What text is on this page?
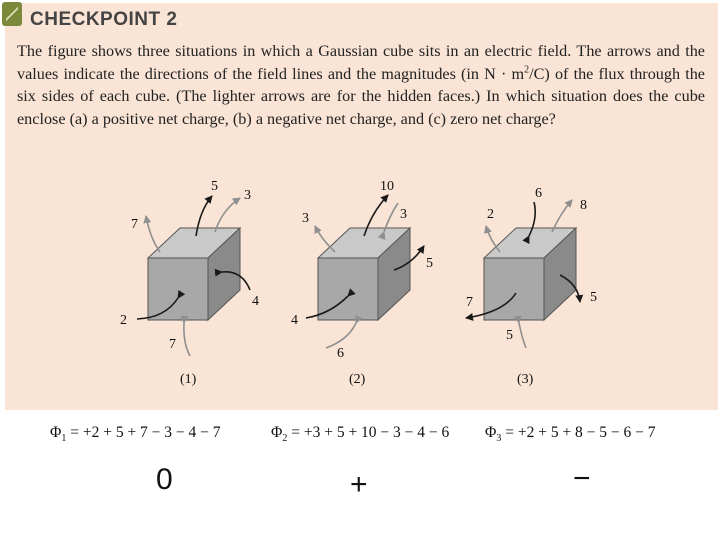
CHECKPOINT 2
The figure shows three situations in which a Gaussian cube sits in an electric field. The arrows and the values indicate the directions of the field lines and the magnitudes (in $N \cdot m^2/C$) of the flux through the six sides of each cube. (The lighter arrows are for the hidden faces.) In which situation does the cube enclose (a) a positive net charge, (b) a negative net charge, and (c) zero net charge?
5
3
7
4
2
7
(1)
10
3
3
5
4
6
(2)
6
8
2
5
7
5
(3)
$\Phi_1 = +2 + 5 + 7 - 3 - 4 - 7$	$\Phi_2 = +3 + 5 + 10 - 3 - 4 - 6$ $\Phi_3 = +2 + 5 + 8 - 5 - 6 - 7$
0	+	−
